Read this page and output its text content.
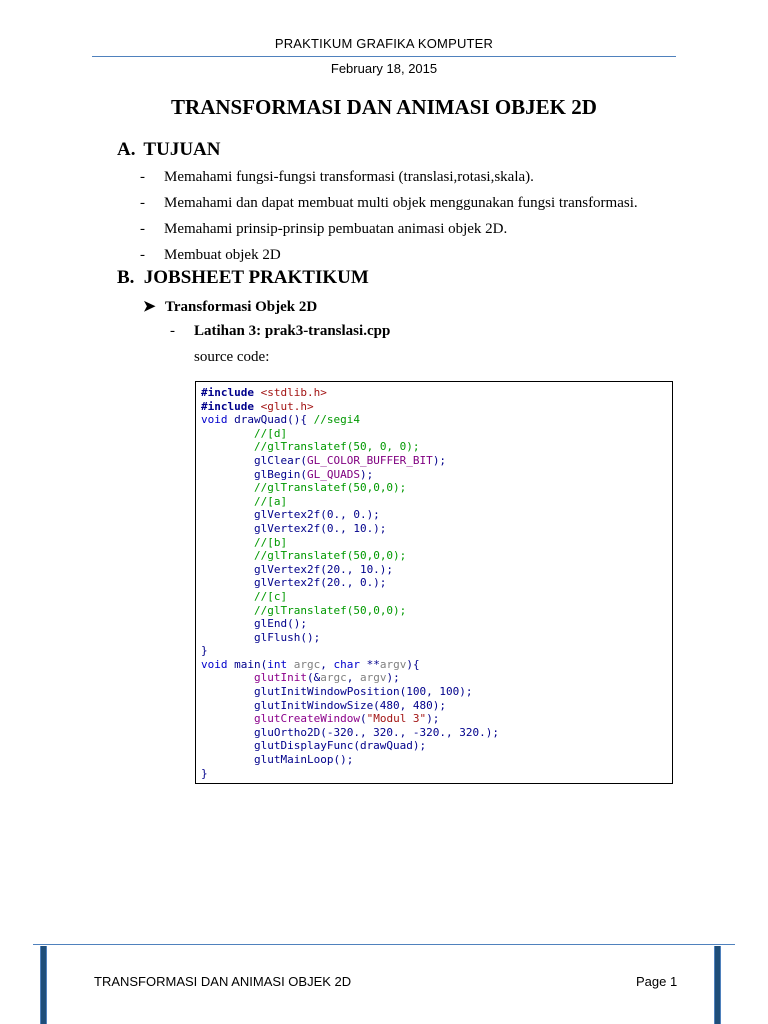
PRAKTIKUM GRAFIKA KOMPUTER
February 18, 2015
TRANSFORMASI DAN ANIMASI OBJEK 2D
A. TUJUAN
- Memahami fungsi-fungsi transformasi (translasi,rotasi,skala).
- Memahami dan dapat membuat multi objek menggunakan fungsi transformasi.
- Memahami prinsip-prinsip pembuatan animasi objek 2D.
- Membuat objek 2D
B. JOBSHEET PRAKTIKUM
➤ Transformasi Objek 2D
- Latihan 3: prak3-translasi.cpp
source code:
#include <stdlib.h>
#include <glut.h>
void drawQuad(){ //segi4
//[d]
//glTranslatef(50, 0, 0);
glClear(GL_COLOR_BUFFER_BIT);
glBegin(GL_QUADS);
//glTranslatef(50,0,0);
//[a]
glVertex2f(0., 0.);
glVertex2f(0., 10.);
//[b]
//glTranslatef(50,0,0);
glVertex2f(20., 10.);
glVertex2f(20., 0.);
//[c]
//glTranslatef(50,0,0);
glEnd();
glFlush();
}
void main(int argc, char **argv){
glutInit(&argc, argv);
glutInitWindowPosition(100, 100);
glutInitWindowSize(480, 480);
glutCreateWindow("Modul 3");
gluOrtho2D(-320., 320., -320., 320.);
glutDisplayFunc(drawQuad);
glutMainLoop();
}
TRANSFORMASI DAN ANIMASI OBJEK 2D	Page 1
